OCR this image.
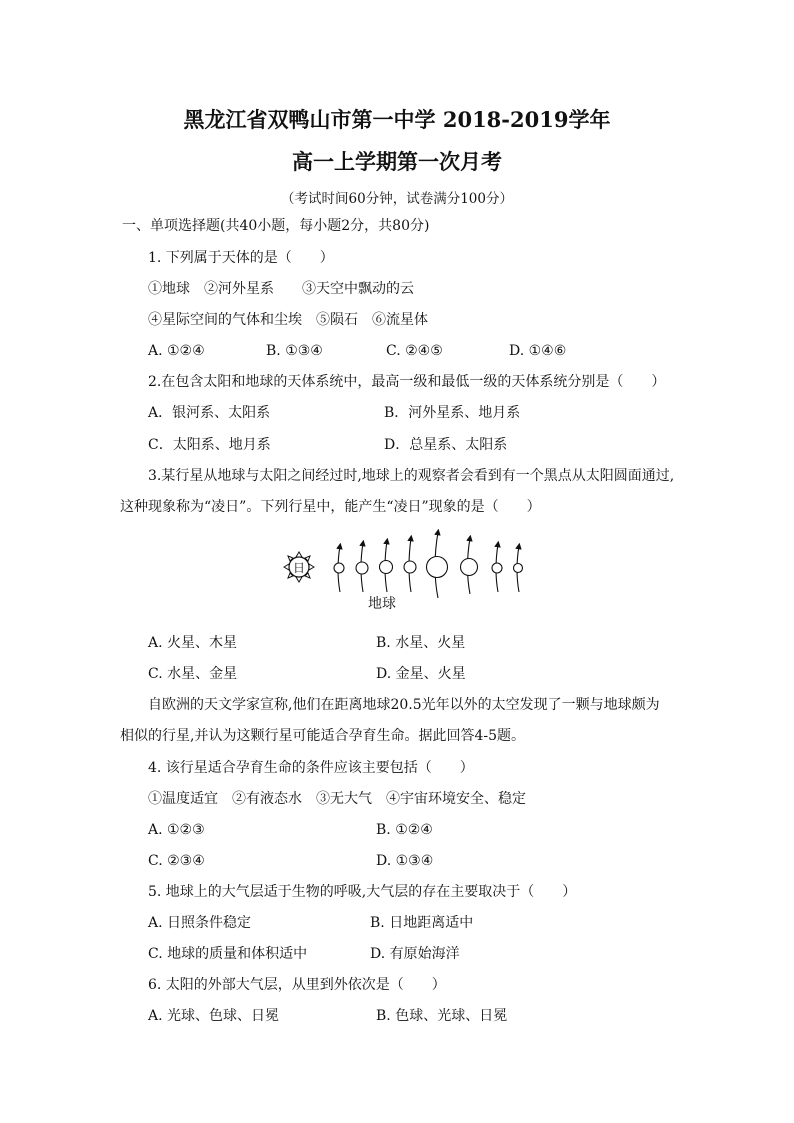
黑龙江省双鸭山市第一中学 2018-2019学年
高一上学期第一次月考
（考试时间60分钟，试卷满分100分）
一、单项选择题(共40小题，每小题2分，共80分)
1. 下列属于天体的是（　　）
①地球　②河外星系　　③天空中飘动的云
④星际空间的气体和尘埃　⑤陨石　⑥流星体
A. ①②④	B. ①③④	C. ②④⑤	D. ①④⑥
2.在包含太阳和地球的天体系统中，最高一级和最低一级的天体系统分别是（　　）
A．银河系、太阳系	B．河外星系、地月系
C．太阳系、地月系	D．总星系、太阳系
3.某行星从地球与太阳之间经过时,地球上的观察者会看到有一个黑点从太阳圆面通过,
这种现象称为“凌日”。下列行星中，能产生“凌日”现象的是（　　）
日
地球
A. 火星、木星	B. 水星、火星
C. 水星、金星	D. 金星、火星
自欧洲的天文学家宣称,他们在距离地球20.5光年以外的太空发现了一颗与地球颇为
相似的行星,并认为这颗行星可能适合孕育生命。据此回答4-5题。
4. 该行星适合孕育生命的条件应该主要包括（　　）
①温度适宜　②有液态水　③无大气　④宇宙环境安全、稳定
A. ①②③	B. ①②④
C. ②③④	D. ①③④
5. 地球上的大气层适于生物的呼吸,大气层的存在主要取决于（　　）
A. 日照条件稳定	B. 日地距离适中
C. 地球的质量和体积适中	D. 有原始海洋
6. 太阳的外部大气层，从里到外依次是（　　）
A. 光球、色球、日冕	B. 色球、光球、日冕
